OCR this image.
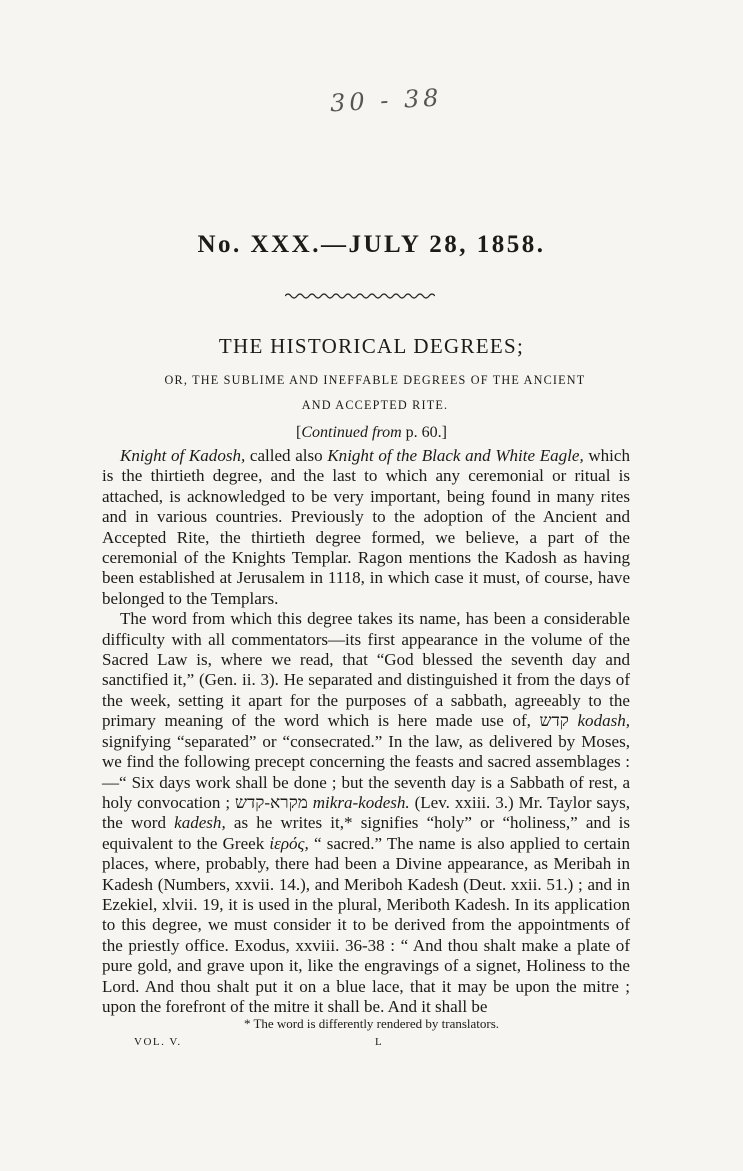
30 - 38
No. XXX.—JULY 28, 1858.
THE HISTORICAL DEGREES;
OR, THE SUBLIME AND INEFFABLE DEGREES OF THE ANCIENT
AND ACCEPTED RITE.
[Continued from p. 60.]

Knight of Kadosh, called also Knight of the Black and White Eagle, which is the thirtieth degree, and the last to which any ceremonial or ritual is attached, is acknowledged to be very important, being found in many rites and in various countries. Previously to the adoption of the Ancient and Accepted Rite, the thirtieth degree formed, we believe, a part of the ceremonial of the Knights Templar. Ragon mentions the Kadosh as having been established at Jerusalem in 1118, in which case it must, of course, have belonged to the Templars.

The word from which this degree takes its name, has been a considerable difficulty with all commentators—its first appearance in the volume of the Sacred Law is, where we read, that “God blessed the seventh day and sanctified it,” (Gen. ii. 3). He separated and distinguished it from the days of the week, setting it apart for the purposes of a sabbath, agreeably to the primary meaning of the word which is here made use of, קדש kodash, signifying “separated” or “consecrated.” In the law, as delivered by Moses, we find the following precept concerning the feasts and sacred assemblages :—“ Six days work shall be done ; but the seventh day is a Sabbath of rest, a holy convocation ; מקרא-קדש mikra-kodesh. (Lev. xxiii. 3.) Mr. Taylor says, the word kadesh, as he writes it,* signifies “holy” or “holiness,” and is equivalent to the Greek ἱερός, “ sacred.” The name is also applied to certain places, where, probably, there had been a Divine appearance, as Meribah in Kadesh (Numbers, xxvii. 14.), and Meriboh Kadesh (Deut. xxii. 51.) ; and in Ezekiel, xlvii. 19, it is used in the plural, Meriboth Kadesh. In its application to this degree, we must consider it to be derived from the appointments of the priestly office. Exodus, xxviii. 36-38 : “ And thou shalt make a plate of pure gold, and grave upon it, like the engravings of a signet, Holiness to the Lord. And thou shalt put it on a blue lace, that it may be upon the mitre ; upon the forefront of the mitre it shall be. And it shall be

* The word is differently rendered by translators.
VOL. V.	L
